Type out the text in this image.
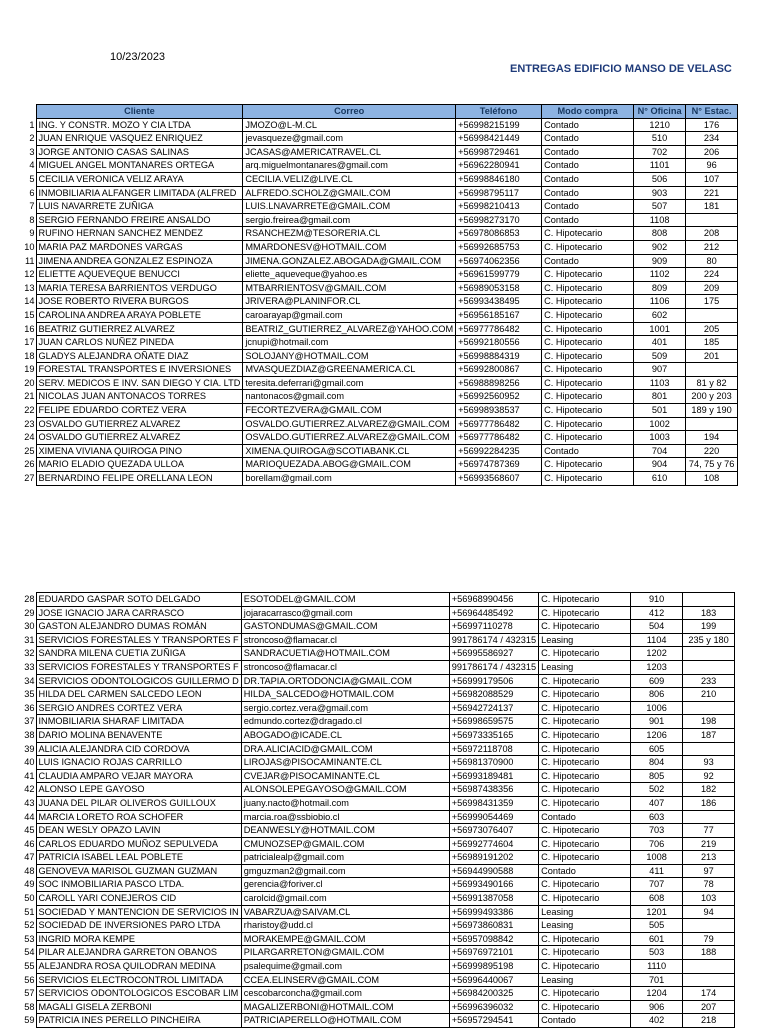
10/23/2023
ENTREGAS EDIFICIO MANSO DE VELASC
	Cliente	Correo	Teléfono	Modo compra	N° Oficina	N° Estac.
1	ING. Y CONSTR. MOZO Y CIA LTDA	JMOZO@L-M.CL	+56998215199	Contado	1210	176
2	JUAN ENRIQUE VASQUEZ ENRIQUEZ	jevasqueze@gmail.com	+56998421449	Contado	510	234
3	JORGE ANTONIO CASAS SALINAS	JCASAS@AMERICATRAVEL.CL	+56998729461	Contado	702	206
4	MIGUEL ANGEL MONTANARES ORTEGA	arq.miguelmontanares@gmail.com	+56962280941	Contado	1101	96
5	CECILIA VERONICA VELIZ ARAYA	CECILIA.VELIZ@LIVE.CL	+56998846180	Contado	506	107
6	INMOBILIARIA ALFANGER LIMITADA (ALFRED	ALFREDO.SCHOLZ@GMAIL.COM	+56998795117	Contado	903	221
7	LUIS NAVARRETE ZUÑIGA	LUIS.LNAVARRETE@GMAIL.COM	+56998210413	Contado	507	181
8	SERGIO FERNANDO FREIRE ANSALDO	sergio.freirea@gmail.com	+56998273170	Contado	1108	
9	RUFINO HERNAN SANCHEZ MENDEZ	RSANCHEZM@TESORERIA.CL	+56978086853	C. Hipotecario	808	208
10	MARIA PAZ MARDONES VARGAS	MMARDONESV@HOTMAIL.COM	+56992685753	C. Hipotecario	902	212
11	JIMENA ANDREA GONZALEZ ESPINOZA	JIMENA.GONZALEZ.ABOGADA@GMAIL.COM	+56974062356	Contado	909	80
12	ELIETTE AQUEVEQUE BENUCCI	eliette_aqueveque@yahoo.es	+56961599779	C. Hipotecario	1102	224
13	MARIA TERESA BARRIENTOS VERDUGO	MTBARRIENTOSV@GMAIL.COM	+56989053158	C. Hipotecario	809	209
14	JOSE ROBERTO RIVERA BURGOS	JRIVERA@PLANINFOR.CL	+56993438495	C. Hipotecario	1106	175
15	CAROLINA ANDREA ARAYA POBLETE	caroarayap@gmail.com	+56956185167	C. Hipotecario	602	
16	BEATRIZ GUTIERREZ ALVAREZ	BEATRIZ_GUTIERREZ_ALVAREZ@YAHOO.COM	+56977786482	C. Hipotecario	1001	205
17	JUAN CARLOS NUÑEZ PINEDA	jcnupi@hotmail.com	+56992180556	C. Hipotecario	401	185
18	GLADYS ALEJANDRA OÑATE DIAZ	SOLOJANY@HOTMAIL.COM	+56998884319	C. Hipotecario	509	201
19	FORESTAL TRANSPORTES E INVERSIONES	MVASQUEZDIAZ@GREENAMERICA.CL	+56992800867	C. Hipotecario	907	
20	SERV. MEDICOS E INV. SAN DIEGO Y CIA. LTD	teresita.deferrari@gmail.com	+56988898256	C. Hipotecario	1103	81 y 82
21	NICOLAS JUAN ANTONACOS TORRES	nantonacos@gmail.com	+56992560952	C. Hipotecario	801	200 y 203
22	FELIPE EDUARDO CORTEZ VERA	FECORTEZVERA@GMAIL.COM	+56998938537	C. Hipotecario	501	189 y 190
23	OSVALDO GUTIERREZ ALVAREZ	OSVALDO.GUTIERREZ.ALVAREZ@GMAIL.COM	+56977786482	C. Hipotecario	1002	
24	OSVALDO GUTIERREZ ALVAREZ	OSVALDO.GUTIERREZ.ALVAREZ@GMAIL.COM	+56977786482	C. Hipotecario	1003	194
25	XIMENA VIVIANA QUIROGA PINO	XIMENA.QUIROGA@SCOTIABANK.CL	+56992284235	Contado	704	220
26	MARIO ELADIO QUEZADA ULLOA	MARIOQUEZADA.ABOG@GMAIL.COM	+56974787369	C. Hipotecario	904	74, 75 y 76
27	BERNARDINO FELIPE ORELLANA LEON	borellam@gmail.com	+56993568607	C. Hipotecario	610	108
28	EDUARDO GASPAR SOTO DELGADO	ESOTODEL@GMAIL.COM	+56968990456	C. Hipotecario	910	
29	JOSE IGNACIO JARA CARRASCO	jojaracarrasco@gmail.com	+56964485492	C. Hipotecario	412	183
30	GASTON ALEJANDRO DUMAS ROMÁN	GASTONDUMAS@GMAIL.COM	+56997110278	C. Hipotecario	504	199
31	SERVICIOS FORESTALES Y TRANSPORTES F	stroncoso@flamacar.cl	991786174 / 432315	Leasing	1104	235 y 180
32	SANDRA MILENA CUETIA ZUÑIGA	SANDRACUETIA@HOTMAIL.COM	+56995586927	C. Hipotecario	1202	
33	SERVICIOS FORESTALES Y TRANSPORTES F	stroncoso@flamacar.cl	991786174 / 432315	Leasing	1203	
34	SERVICIOS ODONTOLOGICOS GUILLERMO D	DR.TAPIA.ORTODONCIA@GMAIL.COM	+56999179506	C. Hipotecario	609	233
35	HILDA DEL CARMEN SALCEDO LEON	HILDA_SALCEDO@HOTMAIL.COM	+56982088529	C. Hipotecario	806	210
36	SERGIO ANDRES CORTEZ VERA	sergio.cortez.vera@gmail.com	+56942724137	C. Hipotecario	1006	
37	INMOBILIARIA SHARAF LIMITADA	edmundo.cortez@dragado.cl	+56998659575	C. Hipotecario	901	198
38	DARIO MOLINA BENAVENTE	ABOGADO@ICADE.CL	+56973335165	C. Hipotecario	1206	187
39	ALICIA ALEJANDRA CID CORDOVA	DRA.ALICIACID@GMAIL.COM	+56972118708	C. Hipotecario	605	
40	LUIS IGNACIO ROJAS CARRILLO	LIROJAS@PISOCAMINANTE.CL	+56981370900	C. Hipotecario	804	93
41	CLAUDIA AMPARO VEJAR MAYORA	CVEJAR@PISOCAMINANTE.CL	+56993189481	C. Hipotecario	805	92
42	ALONSO LEPE GAYOSO	ALONSOLEPEGAYOSO@GMAIL.COM	+56987438356	C. Hipotecario	502	182
43	JUANA DEL PILAR OLIVEROS GUILLOUX	juany.nacto@hotmail.com	+56998431359	C. Hipotecario	407	186
44	MARCIA LORETO ROA SCHOFER	marcia.roa@ssbiobio.cl	+56999054469	Contado	603	
45	DEAN WESLY OPAZO LAVIN	DEANWESLY@HOTMAIL.COM	+56973076407	C. Hipotecario	703	77
46	CARLOS EDUARDO MUÑOZ SEPULVEDA	CMUNOZSEP@GMAIL.COM	+56992774604	C. Hipotecario	706	219
47	PATRICIA ISABEL LEAL POBLETE	patricialealp@gmail.com	+56989191202	C. Hipotecario	1008	213
48	GENOVEVA MARISOL GUZMAN GUZMAN	gmguzman2@gmail.com	+56944990588	Contado	411	97
49	SOC INMOBILIARIA PASCO LTDA.	gerencia@foriver.cl	+56993490166	C. Hipotecario	707	78
50	CAROLL YARI CONEJEROS CID	carolcid@gmail.com	+56991387058	C. Hipotecario	608	103
51	SOCIEDAD Y MANTENCION DE SERVICIOS IN	VABARZUA@SAIVAM.CL	+56999493386	Leasing	1201	94
52	SOCIEDAD DE INVERSIONES PARO LTDA	rharistoy@udd.cl	+56973860831	Leasing	505	
53	INGRID MORA KEMPE	MORAKEMPE@GMAIL.COM	+56957098842	C. Hipotecario	601	79
54	PILAR ALEJANDRA GARRETON OBANOS	PILARGARRETON@GMAIL.COM	+56976972101	C. Hipotecario	503	188
55	ALEJANDRA ROSA QUILODRAN MEDINA	psalequime@gmail.com	+56999895198	C. Hipotecario	1110	
56	SERVICIOS ELECTROCONTROL LIMITADA	CCEA.ELINSERV@GMAIL.COM	+56996440067	Leasing	701	
57	SERVICIOS ODONTOLOGICOS ESCOBAR LIM	cescobarconcha@gmail.com	+56984200325	C. Hipotecario	1204	174
58	MAGALI GISELA ZERBONI	MAGALIZERBONI@HOTMAIL.COM	+56996396032	C. Hipotecario	906	207
59	PATRICIA INES PERELLO PINCHEIRA	PATRICIAPERELLO@HOTMAIL.COM	+56957294541	Contado	402	218
